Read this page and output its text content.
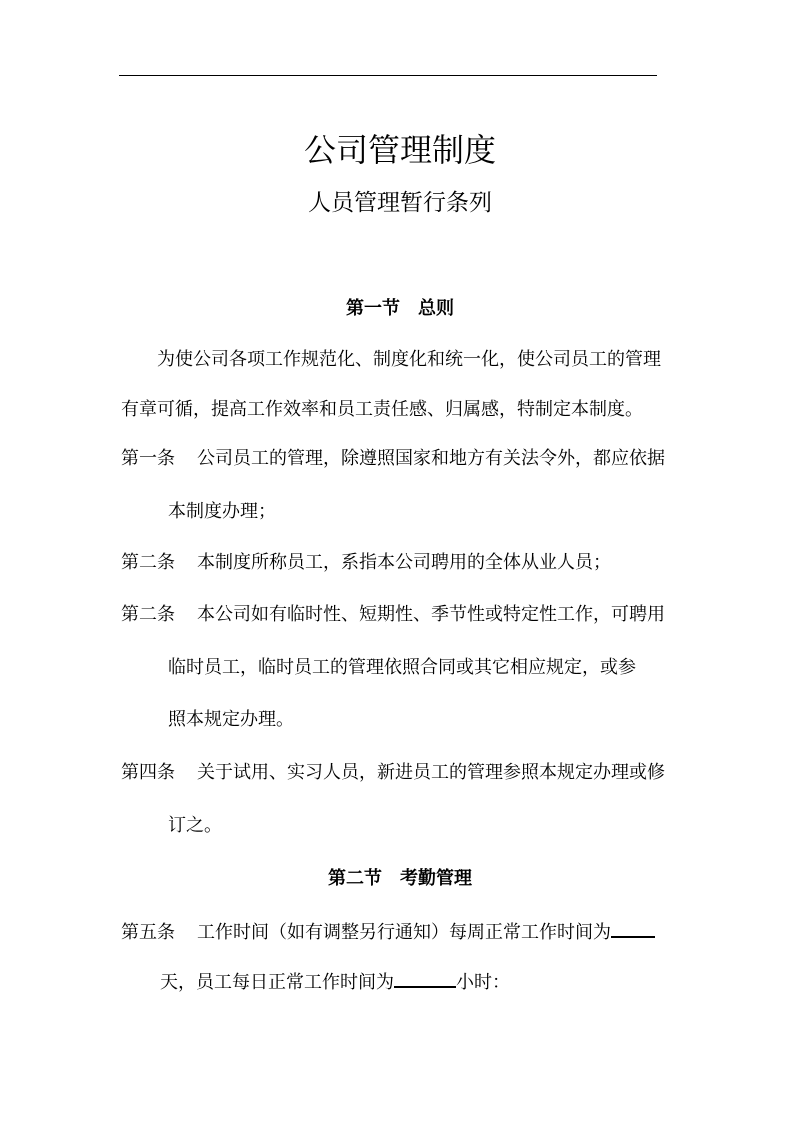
公司管理制度
人员管理暂行条列
第一节　总则
为使公司各项工作规范化、制度化和统一化，使公司员工的管理
有章可循，提高工作效率和员工责任感、归属感，特制定本制度。
第一条 公司员工的管理，除遵照国家和地方有关法令外，都应依据
本制度办理；
第二条 本制度所称员工，系指本公司聘用的全体从业人员；
第二条 本公司如有临时性、短期性、季节性或特定性工作，可聘用
临时员工，临时员工的管理依照合同或其它相应规定，或参
照本规定办理。
第四条 关于试用、实习人员，新进员工的管理参照本规定办理或修
订之。
第二节　考勤管理
第五条 工作时间（如有调整另行通知）每周正常工作时间为
天，员工每日正常工作时间为	小时：
